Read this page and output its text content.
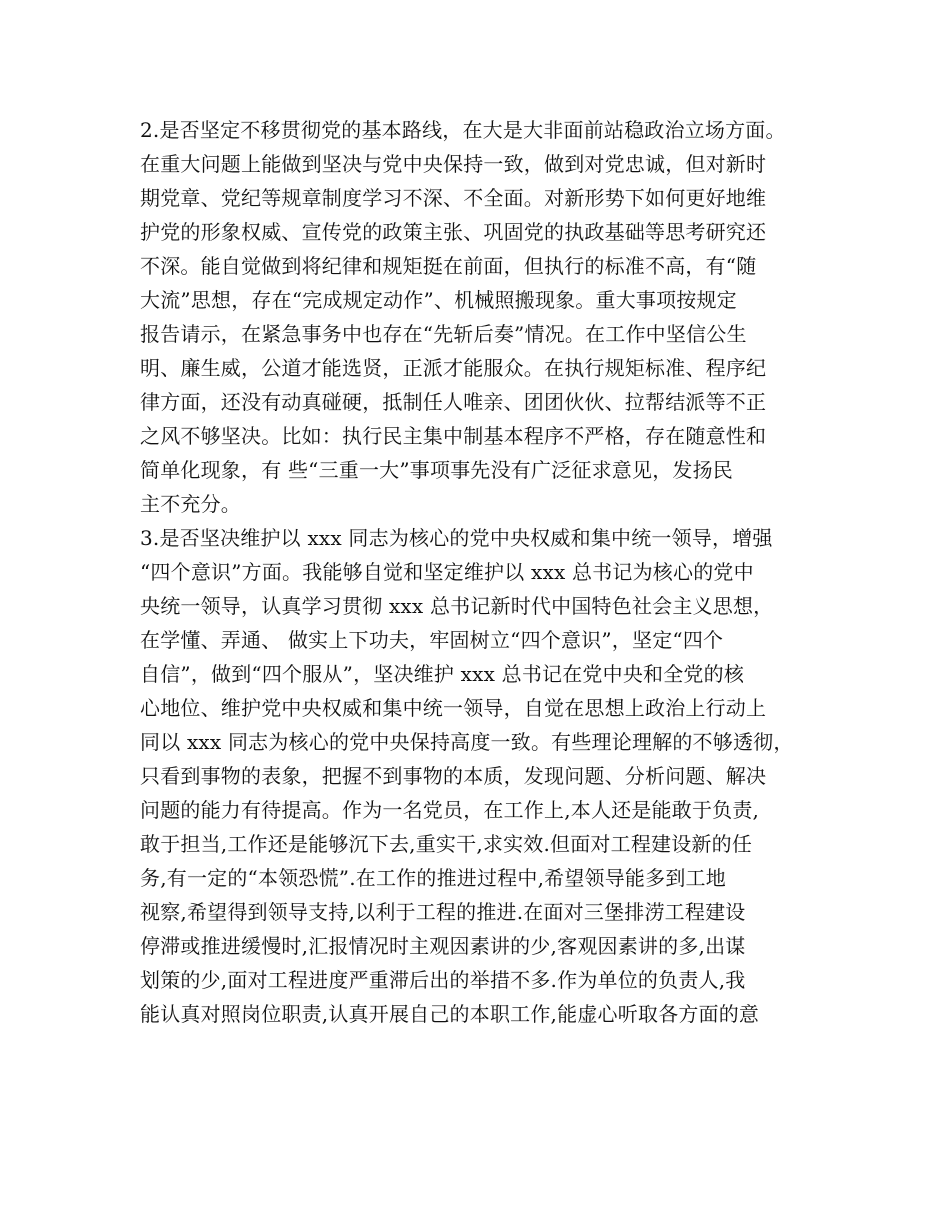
2.是否坚定不移贯彻党的基本路线，在大是大非面前站稳政治立场方面。
在重大问题上能做到坚决与党中央保持一致，做到对党忠诚，但对新时
期党章、党纪等规章制度学习不深、不全面。对新形势下如何更好地维
护党的形象权威、宣传党的政策主张、巩固党的执政基础等思考研究还
不深。能自觉做到将纪律和规矩挺在前面，但执行的标准不高，有“随
大流”思想，存在“完成规定动作”、机械照搬现象。重大事项按规定
报告请示，在紧急事务中也存在“先斩后奏”情况。在工作中坚信公生
明、廉生威，公道才能选贤，正派才能服众。在执行规矩标准、程序纪
律方面，还没有动真碰硬，抵制任人唯亲、团团伙伙、拉帮结派等不正
之风不够坚决。比如：执行民主集中制基本程序不严格，存在随意性和
简单化现象，有 些“三重一大”事项事先没有广泛征求意见，发扬民
主不充分。
3.是否坚决维护以 xxx 同志为核心的党中央权威和集中统一领导，增强
“四个意识”方面。我能够自觉和坚定维护以 xxx 总书记为核心的党中
央统一领导，认真学习贯彻 xxx 总书记新时代中国特色社会主义思想，
在学懂、弄通、 做实上下功夫，牢固树立“四个意识”，坚定“四个
自信”，做到“四个服从”，坚决维护 xxx 总书记在党中央和全党的核
心地位、维护党中央权威和集中统一领导，自觉在思想上政治上行动上
同以 xxx 同志为核心的党中央保持高度一致。有些理论理解的不够透彻，
只看到事物的表象，把握不到事物的本质，发现问题、分析问题、解决
问题的能力有待提高。作为一名党员，在工作上,本人还是能敢于负责,
敢于担当,工作还是能够沉下去,重实干,求实效.但面对工程建设新的任
务,有一定的“本领恐慌”.在工作的推进过程中,希望领导能多到工地
视察,希望得到领导支持,以利于工程的推进.在面对三堡排涝工程建设
停滞或推进缓慢时,汇报情况时主观因素讲的少,客观因素讲的多,出谋
划策的少,面对工程进度严重滞后出的举措不多.作为单位的负责人,我
能认真对照岗位职责,认真开展自己的本职工作,能虚心听取各方面的意
